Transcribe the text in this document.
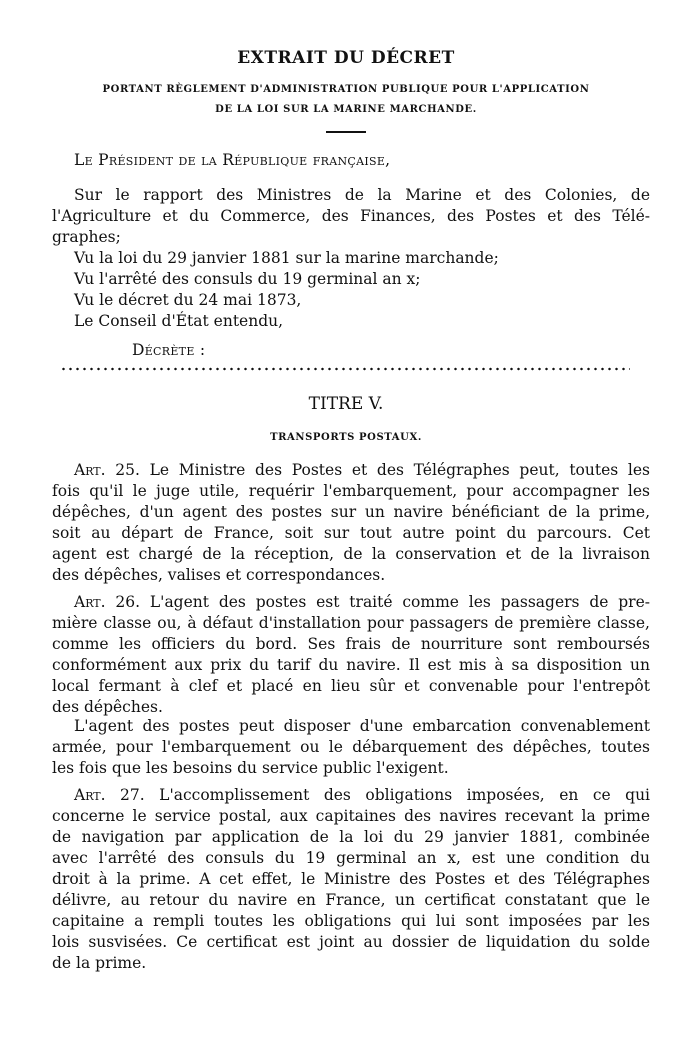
EXTRAIT DU DÉCRET
PORTANT RÈGLEMENT D'ADMINISTRATION PUBLIQUE POUR L'APPLICATION
DE LA LOI SUR LA MARINE MARCHANDE.
Le Président de la République française,
Sur le rapport des Ministres de la Marine et des Colonies, de
l'Agriculture et du Commerce, des Finances, des Postes et des Télé-
graphes;
Vu la loi du 29 janvier 1881 sur la marine marchande;
Vu l'arrêté des consuls du 19 germinal an x;
Vu le décret du 24 mai 1873,
Le Conseil d'État entendu,
Décrète :
TITRE V.
TRANSPORTS POSTAUX.
Art. 25. Le Ministre des Postes et des Télégraphes peut, toutes les
fois qu'il le juge utile, requérir l'embarquement, pour accompagner les
dépêches, d'un agent des postes sur un navire bénéficiant de la prime,
soit au départ de France, soit sur tout autre point du parcours. Cet
agent est chargé de la réception, de la conservation et de la livraison
des dépêches, valises et correspondances.
Art. 26. L'agent des postes est traité comme les passagers de pre-
mière classe ou, à défaut d'installation pour passagers de première classe,
comme les officiers du bord. Ses frais de nourriture sont remboursés
conformément aux prix du tarif du navire. Il est mis à sa disposition un
local fermant à clef et placé en lieu sûr et convenable pour l'entrepôt
des dépêches.
L'agent des postes peut disposer d'une embarcation convenablement
armée, pour l'embarquement ou le débarquement des dépêches, toutes
les fois que les besoins du service public l'exigent.
Art. 27. L'accomplissement des obligations imposées, en ce qui
concerne le service postal, aux capitaines des navires recevant la prime
de navigation par application de la loi du 29 janvier 1881, combinée
avec l'arrêté des consuls du 19 germinal an x, est une condition du
droit à la prime. A cet effet, le Ministre des Postes et des Télégraphes
délivre, au retour du navire en France, un certificat constatant que le
capitaine a rempli toutes les obligations qui lui sont imposées par les
lois susvisées. Ce certificat est joint au dossier de liquidation du solde
de la prime.
